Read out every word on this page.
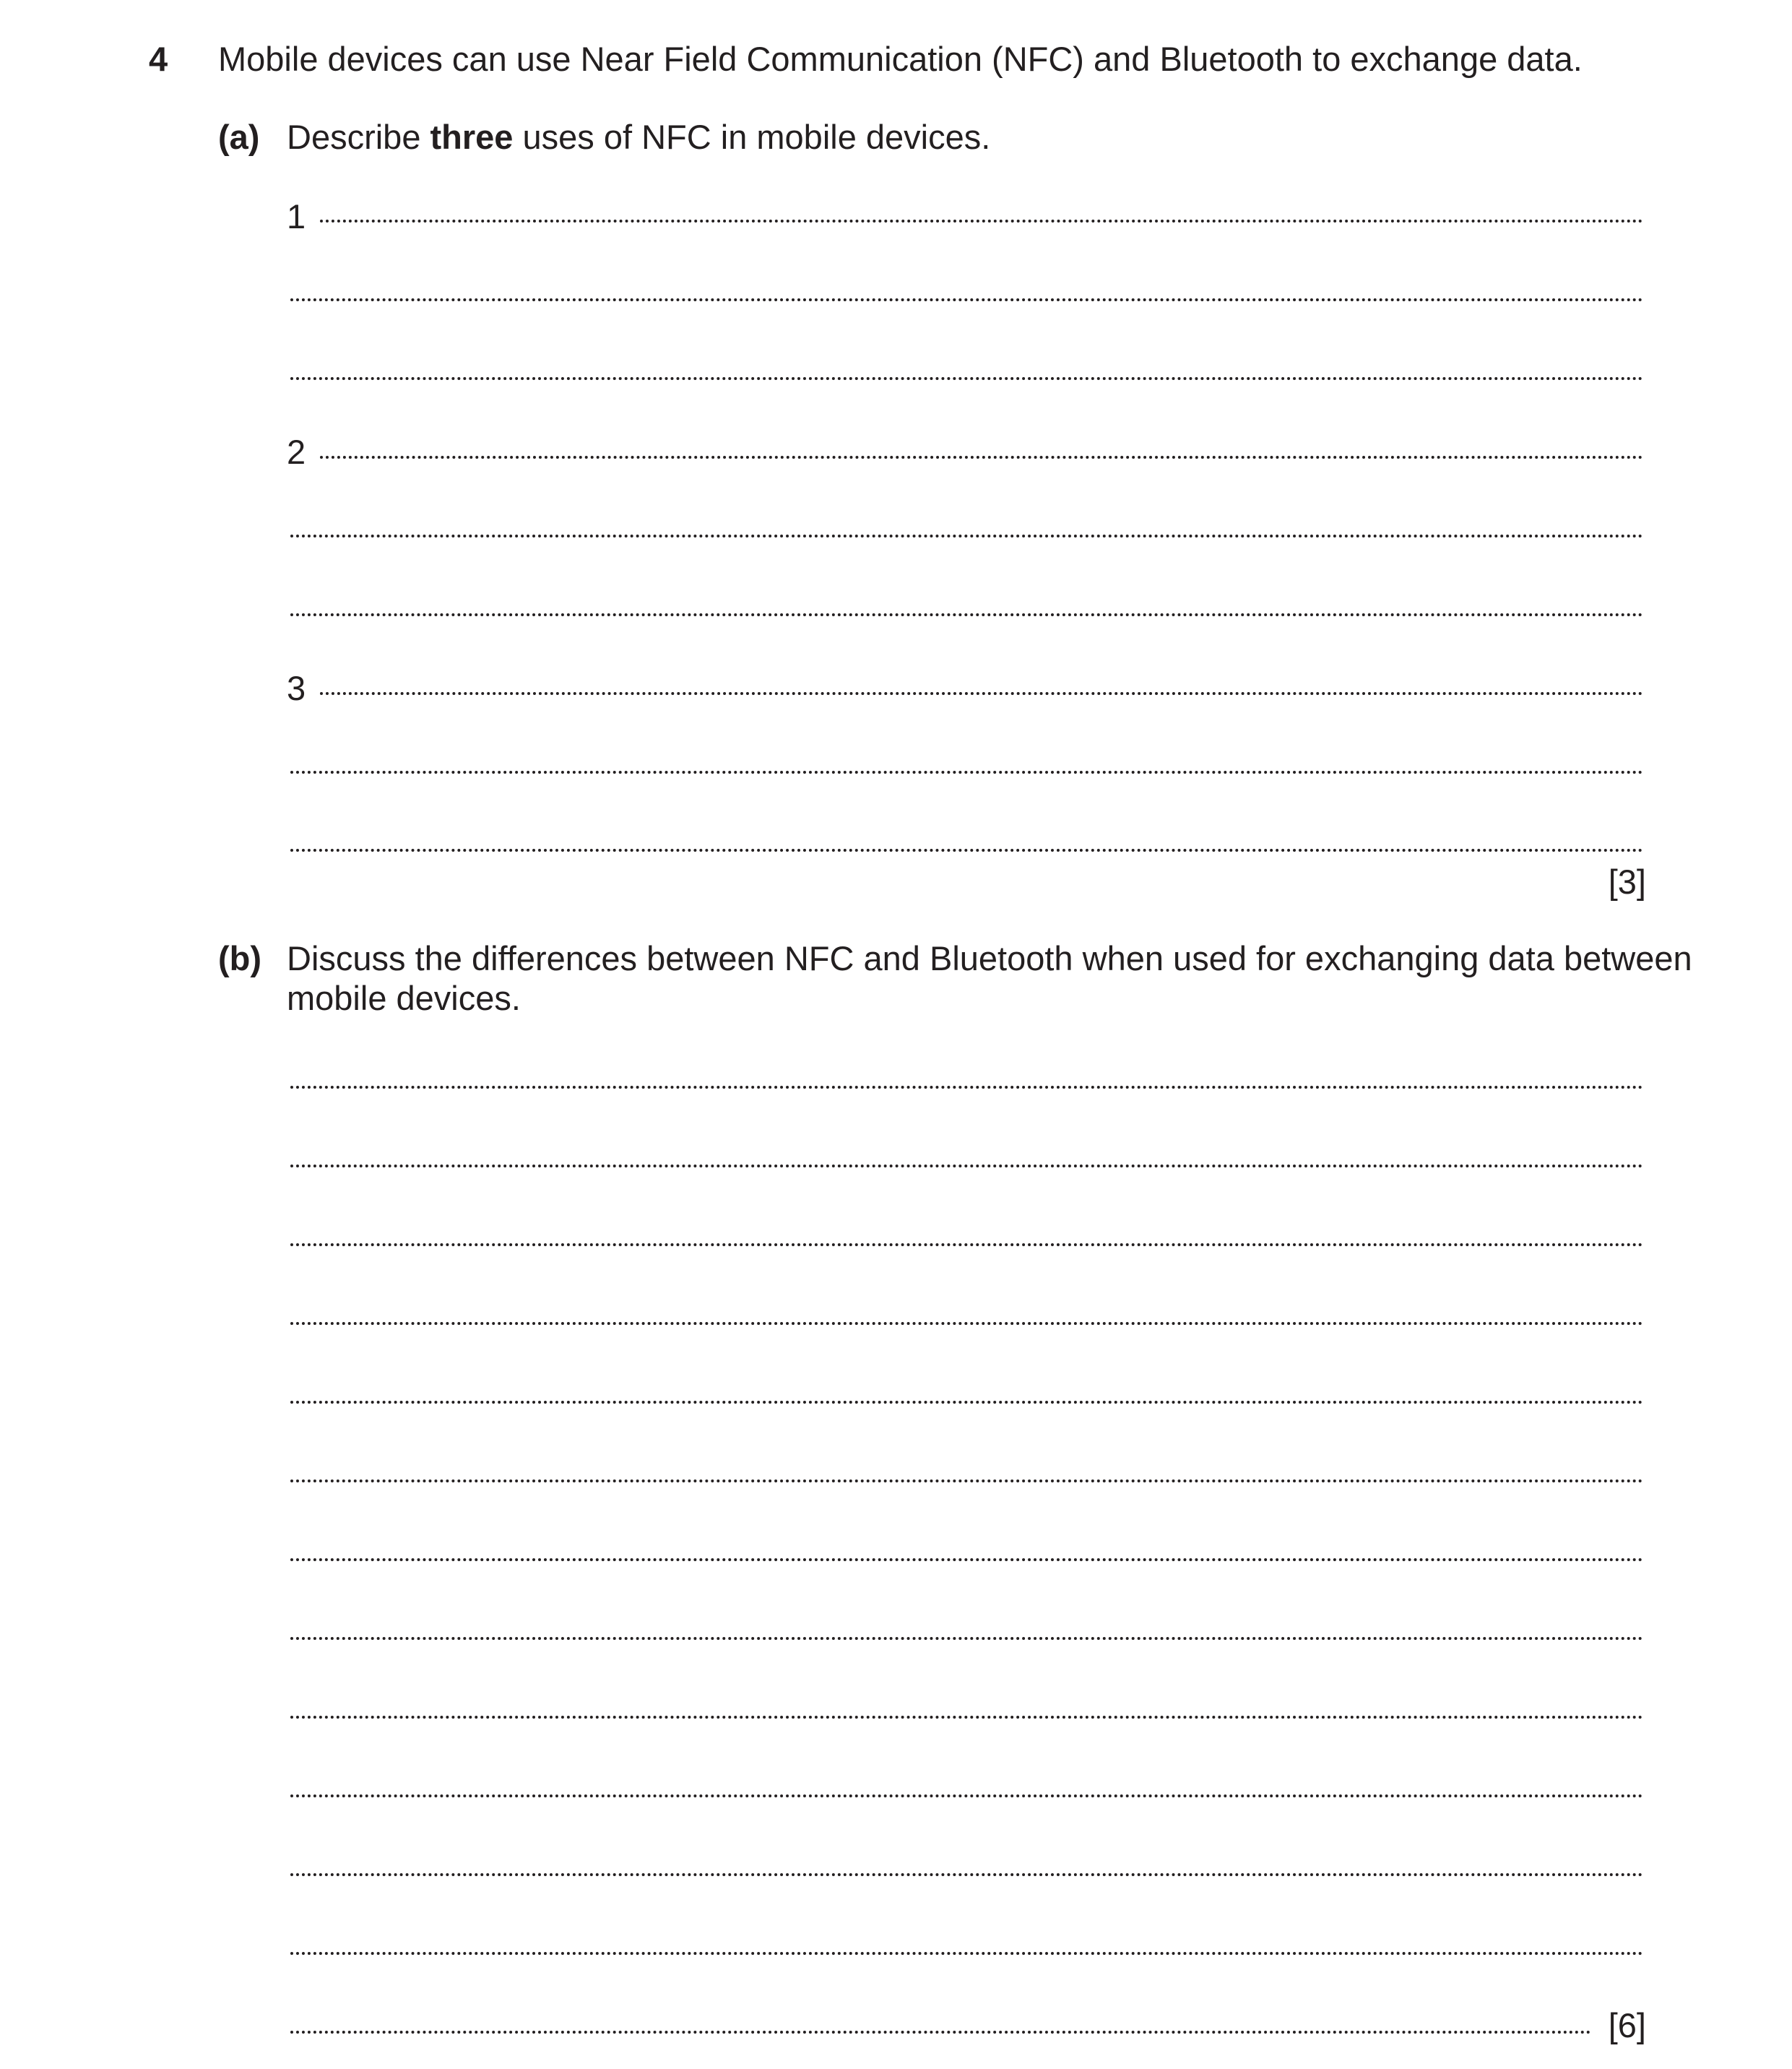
4 Mobile devices can use Near Field Communication (NFC) and Bluetooth to exchange data.
(a) Describe three uses of NFC in mobile devices.
1
2
3
[3]
(b) Discuss the differences between NFC and Bluetooth when used for exchanging data between
mobile devices.
[6]
